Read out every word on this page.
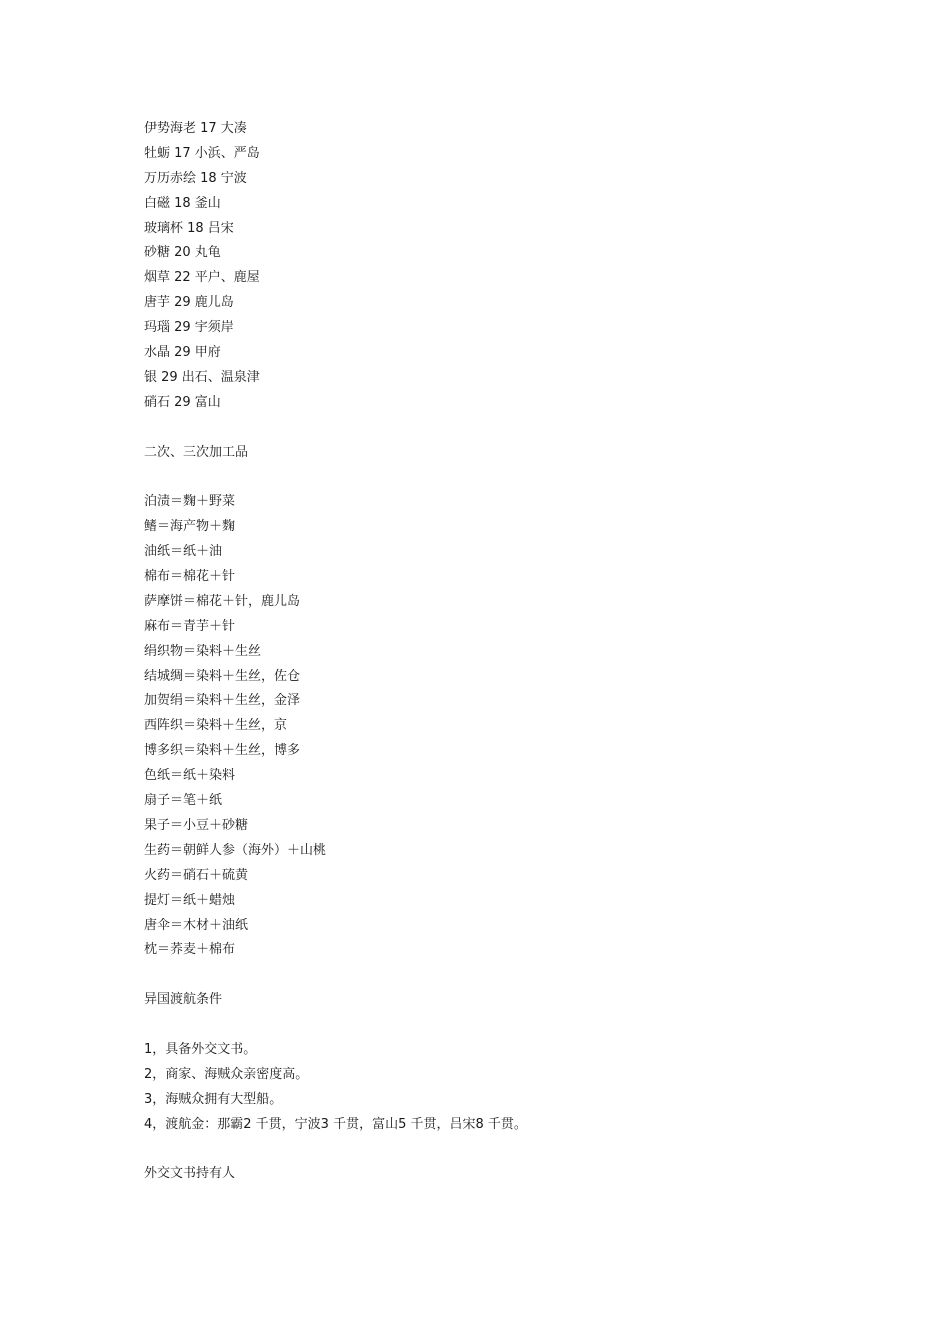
伊势海老 17 大凑
牡蛎 17 小浜、严岛
万历赤绘 18 宁波
白磁 18 釜山
玻璃杯 18 吕宋
砂糖 20 丸龟
烟草 22 平户、鹿屋
唐芋 29 鹿儿岛
玛瑙 29 宇须岸
水晶 29 甲府
银 29 出石、温泉津
硝石 29 富山
二次、三次加工品
泊渍＝麴＋野菜
鳍＝海产物＋麴
油纸＝纸＋油
棉布＝棉花＋针
萨摩饼＝棉花＋针，鹿儿岛
麻布＝青芋＋针
绢织物＝染料＋生丝
结城绸＝染料＋生丝，佐仓
加贺绢＝染料＋生丝，金泽
西阵织＝染料＋生丝，京
博多织＝染料＋生丝，博多
色纸＝纸＋染料
扇子＝笔＋纸
果子＝小豆＋砂糖
生药＝朝鲜人参（海外）＋山桃
火药＝硝石＋硫黄
提灯＝纸＋蜡烛
唐伞＝木材＋油纸
枕＝荞麦＋棉布
异国渡航条件
1，具备外交文书。
2，商家、海贼众亲密度高。
3，海贼众拥有大型船。
4，渡航金：那霸2 千贯，宁波3 千贯，富山5 千贯，吕宋8 千贯。
外交文书持有人
